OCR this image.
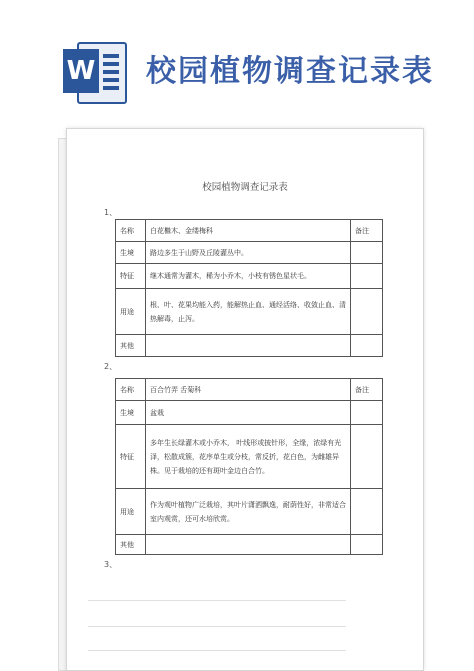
W 校园植物调查记录表
校园植物调查记录表
1、
名称	白花檵木、金缕梅科	备注
生境	路边多生于山野及丘陵灌丛中。	
特征	继木通常为灌木，稀为小乔木，小枝有锈色星状毛。	
用途	根、叶、花果均能入药，能解热止血、通经活络、收敛止血、清热解毒，止泻。	
其他		
2、
名称	百合竹弄 舌菊科	备注
生境	盆栽	
特征	多年生长绿灌木或小乔木， 叶线形或披针形，全缘，浓绿有光泽，松散成簇，花序单生或分枝，常反折，花白色，为雌雄异株。见于栽培的还有斑叶金边白合竹。	
用途	作为观叶植物广泛栽培，其叶片潇洒飘逸，耐荫性好，非常适合室内观赏，还可水培欣赏。	
其他		
3、
